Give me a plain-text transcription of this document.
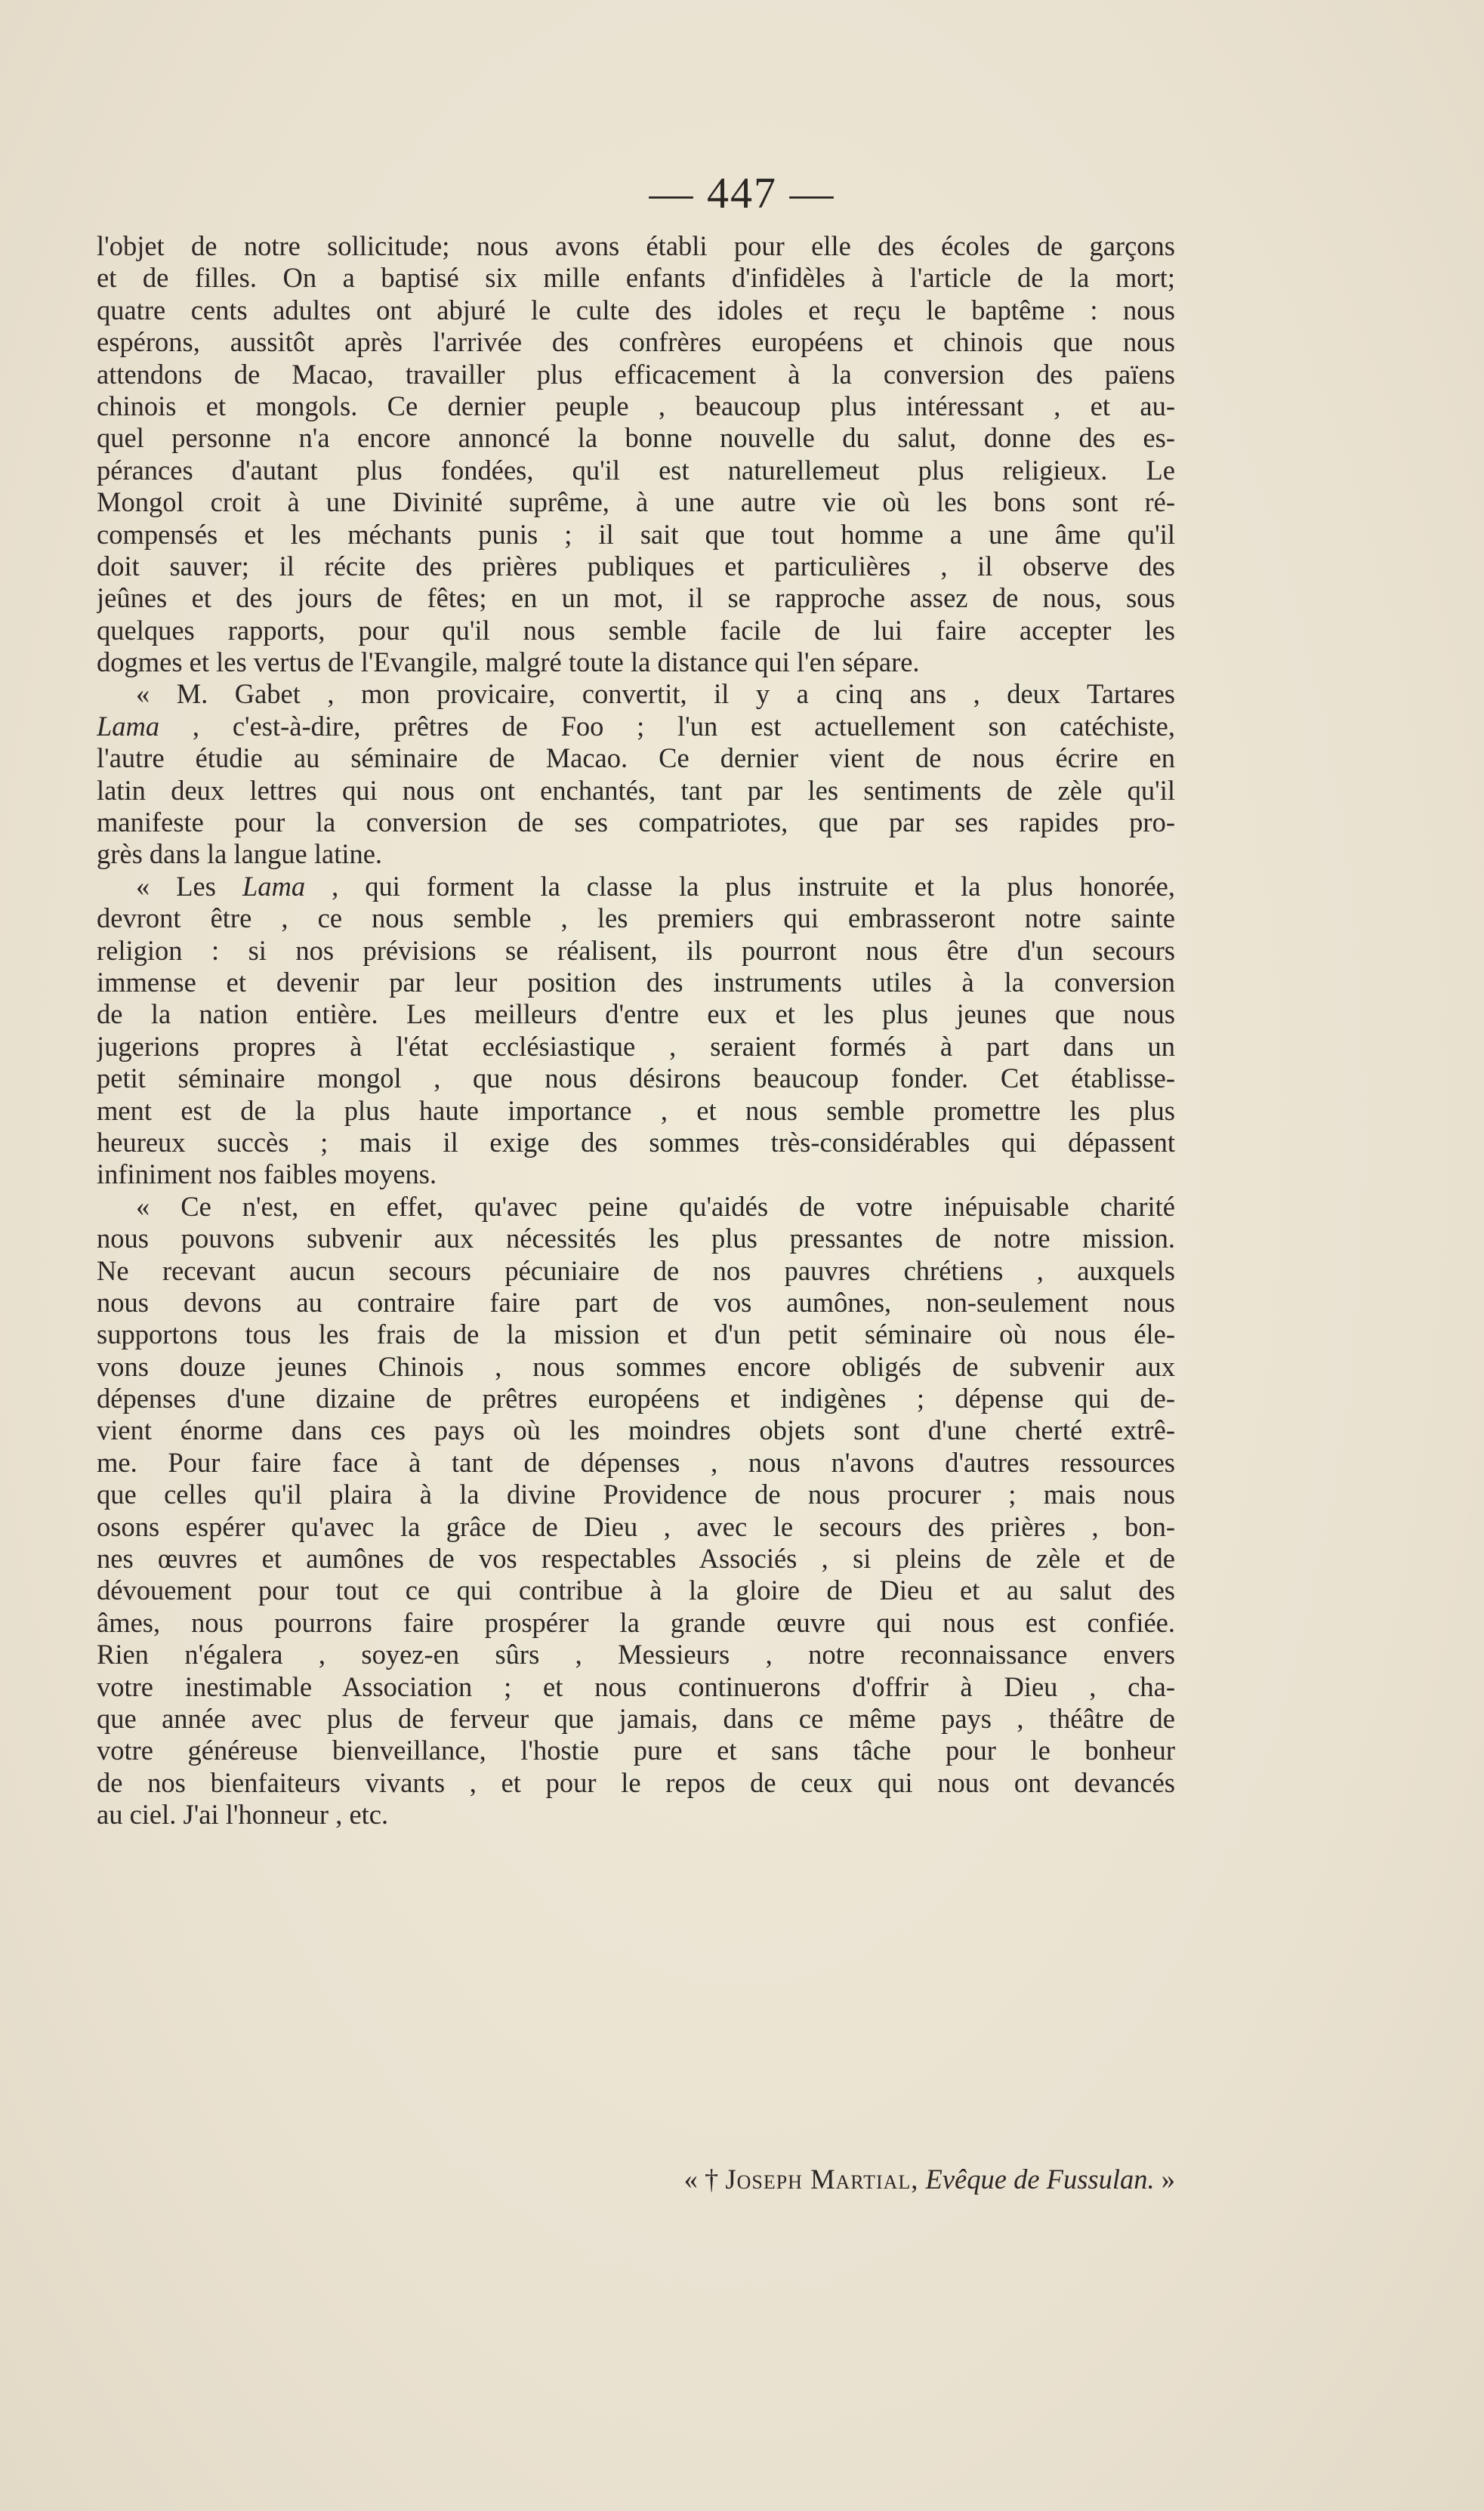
— 447 —
l'objet de notre sollicitude; nous avons établi pour elle des écoles de garçons
et de filles. On a baptisé six mille enfants d'infidèles à l'article de la mort;
quatre cents adultes ont abjuré le culte des idoles et reçu le baptême : nous
espérons, aussitôt après l'arrivée des confrères européens et chinois que nous
attendons de Macao, travailler plus efficacement à la conversion des païens
chinois et mongols. Ce dernier peuple , beaucoup plus intéressant , et au-
quel personne n'a encore annoncé la bonne nouvelle du salut, donne des es-
pérances d'autant plus fondées, qu'il est naturellemeut plus religieux. Le
Mongol croit à une Divinité suprême, à une autre vie où les bons sont ré-
compensés et les méchants punis ; il sait que tout homme a une âme qu'il
doit sauver; il récite des prières publiques et particulières , il observe des
jeûnes et des jours de fêtes; en un mot, il se rapproche assez de nous, sous
quelques rapports, pour qu'il nous semble facile de lui faire accepter les
dogmes et les vertus de l'Evangile, malgré toute la distance qui l'en sépare.
« M. Gabet , mon provicaire, convertit, il y a cinq ans , deux Tartares
Lama , c'est-à-dire, prêtres de Foo ; l'un est actuellement son catéchiste,
l'autre étudie au séminaire de Macao. Ce dernier vient de nous écrire en
latin deux lettres qui nous ont enchantés, tant par les sentiments de zèle qu'il
manifeste pour la conversion de ses compatriotes, que par ses rapides pro-
grès dans la langue latine.
« Les Lama , qui forment la classe la plus instruite et la plus honorée,
devront être , ce nous semble , les premiers qui embrasseront notre sainte
religion : si nos prévisions se réalisent, ils pourront nous être d'un secours
immense et devenir par leur position des instruments utiles à la conversion
de la nation entière. Les meilleurs d'entre eux et les plus jeunes que nous
jugerions propres à l'état ecclésiastique , seraient formés à part dans un
petit séminaire mongol , que nous désirons beaucoup fonder. Cet établisse-
ment est de la plus haute importance , et nous semble promettre les plus
heureux succès ; mais il exige des sommes très-considérables qui dépassent
infiniment nos faibles moyens.
« Ce n'est, en effet, qu'avec peine qu'aidés de votre inépuisable charité
nous pouvons subvenir aux nécessités les plus pressantes de notre mission.
Ne recevant aucun secours pécuniaire de nos pauvres chrétiens , auxquels
nous devons au contraire faire part de vos aumônes, non-seulement nous
supportons tous les frais de la mission et d'un petit séminaire où nous éle-
vons douze jeunes Chinois , nous sommes encore obligés de subvenir aux
dépenses d'une dizaine de prêtres européens et indigènes ; dépense qui de-
vient énorme dans ces pays où les moindres objets sont d'une cherté extrê-
me. Pour faire face à tant de dépenses , nous n'avons d'autres ressources
que celles qu'il plaira à la divine Providence de nous procurer ; mais nous
osons espérer qu'avec la grâce de Dieu , avec le secours des prières , bon-
nes œuvres et aumônes de vos respectables Associés , si pleins de zèle et de
dévouement pour tout ce qui contribue à la gloire de Dieu et au salut des
âmes, nous pourrons faire prospérer la grande œuvre qui nous est confiée.
Rien n'égalera , soyez-en sûrs , Messieurs , notre reconnaissance envers
votre inestimable Association ; et nous continuerons d'offrir à Dieu , cha-
que année avec plus de ferveur que jamais, dans ce même pays , théâtre de
votre généreuse bienveillance, l'hostie pure et sans tâche pour le bonheur
de nos bienfaiteurs vivants , et pour le repos de ceux qui nous ont devancés
au ciel. J'ai l'honneur , etc.
« † Joseph Martial, Evêque de Fussulan. »
